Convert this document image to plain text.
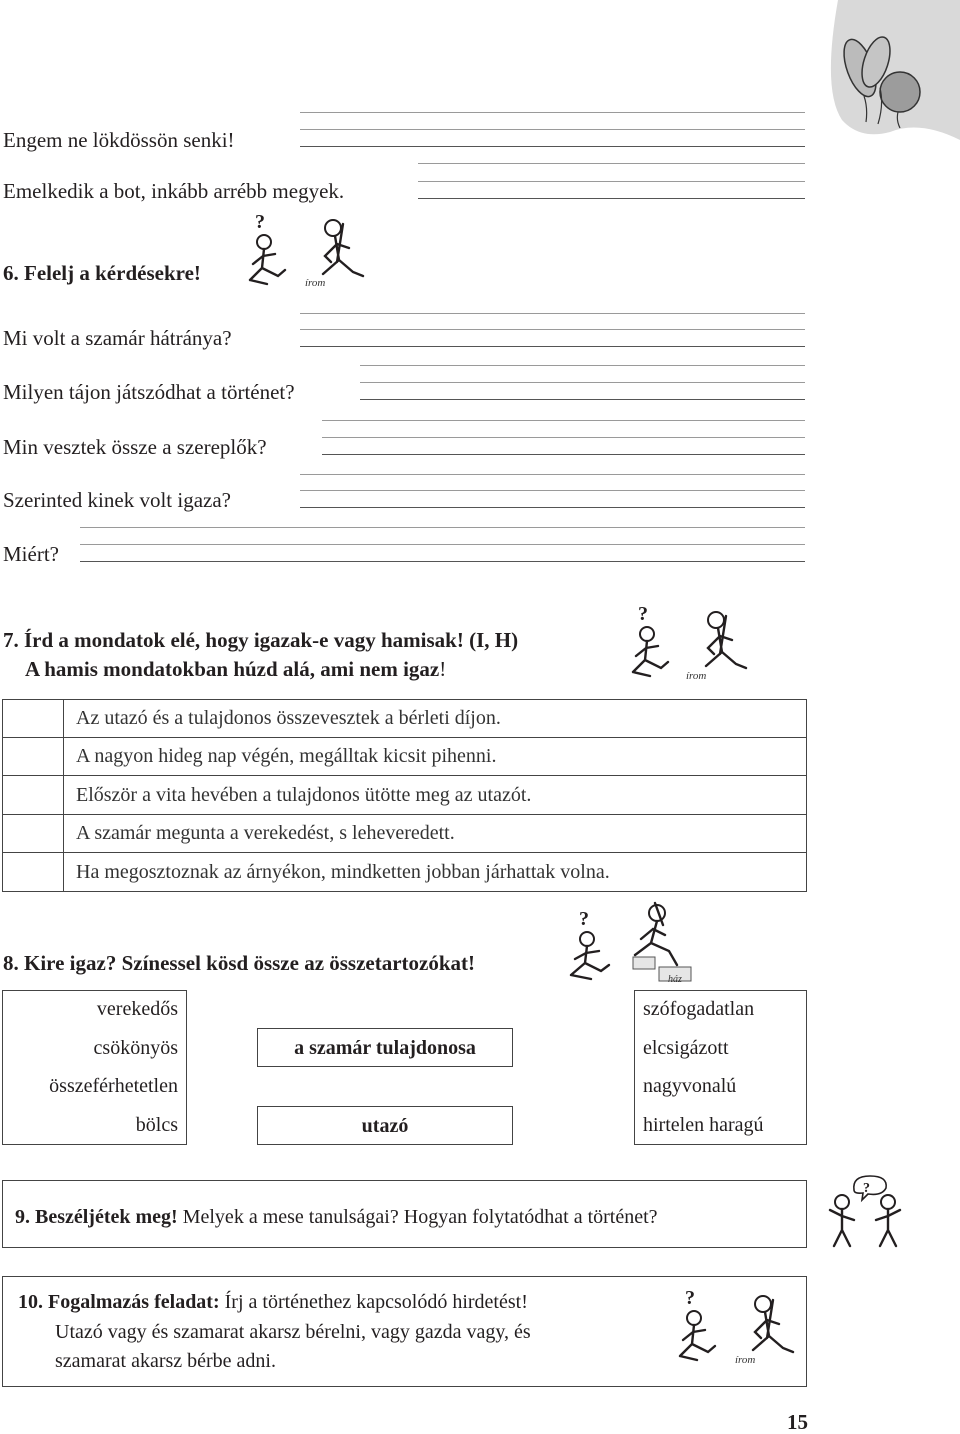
Engem ne lökdössön senki!
Emelkedik a bot, inkább arrébb megyek.
6. Felelj a kérdésekre!
?
írom
Mi volt a szamár hátránya?
Milyen tájon játszódhat a történet?
Min vesztek össze a szereplők?
Szerinted kinek volt igaza?
Miért?
7. Írd a mondatok elé, hogy igazak-e vagy hamisak! (I, H)
A hamis mondatokban húzd alá, ami nem igaz!
?
írom
Az utazó és a tulajdonos összevesztek a bérleti díjon.
A nagyon hideg nap végén, megálltak kicsit pihenni.
Először a vita hevében a tulajdonos ütötte meg az utazót.
A szamár megunta a verekedést, s leheveredett.
Ha megosztoznak az árnyékon, mindketten jobban járhattak volna.
8. Kire igaz? Színessel kösd össze az összetartozókat!
?
ház
verekedős
csökönyös
összeférhetetlen
bölcs
a szamár tulajdonosa
utazó
szófogadatlan
elcsigázott
nagyvonalú
hirtelen haragú
9. Beszéljétek meg! Melyek a mese tanulságai? Hogyan folytatódhat a történet?
?
10. Fogalmazás feladat: Írj a történethez kapcsolódó hirdetést!
Utazó vagy és szamarat akarsz bérelni, vagy gazda vagy, és
szamarat akarsz bérbe adni.
?
írom
15
